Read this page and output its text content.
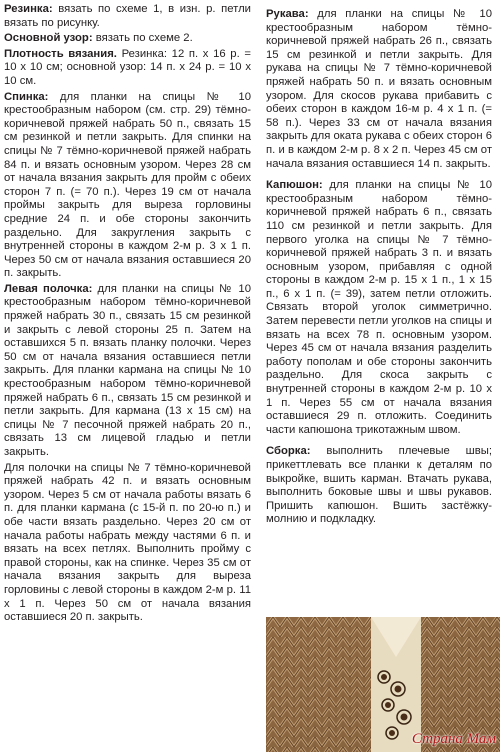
Резинка: вязать по схеме 1, в изн. р. петли вязать по рисунку.

Основной узор: вязать по схеме 2.

Плотность вязания. Резинка: 12 п. х 16 р. = 10 х 10 см; основной узор: 14 п. х 24 р. = 10 х 10 см.

Спинка: для планки на спицы № 10 крестообразным набором (см. стр. 29) тёмно-коричневой пряжей набрать 50 п., связать 15 см резинкой и петли закрыть. Для спинки на спицы № 7 тёмно-коричневой пряжей набрать 84 п. и вязать основным узором. Через 28 см от начала вязания закрыть для пройм с обеих сторон 7 п. (= 70 п.). Через 19 см от начала проймы закрыть для выреза горловины средние 24 п. и обе стороны закончить раздельно. Для закругления закрыть с внутренней стороны в каждом 2-м р. 3 х 1 п. Через 50 см от начала вязания оставшиеся 20 п. закрыть.

Левая полочка: для планки на спицы № 10 крестообразным набором тёмно-коричневой пряжей набрать 30 п., связать 15 см резинкой и закрыть с левой стороны 25 п. Затем на оставшихся 5 п. вязать планку полочки. Через 50 см от начала вязания оставшиеся петли закрыть. Для планки кармана на спицы № 10 крестообразным набором тёмно-коричневой пряжей набрать 6 п., связать 15 см резинкой и петли закрыть. Для кармана (13 х 15 см) на спицы № 7 песочной пряжей набрать 20 п., связать 13 см лицевой гладью и петли закрыть.

Для полочки на спицы № 7 тёмно-коричневой пряжей набрать 42 п. и вязать основным узором. Через 5 см от начала работы вязать 6 п. для планки кармана (с 15-й п. по 20-ю п.) и обе части вязать раздельно. Через 20 см от начала работы набрать между частями 6 п. и вязать на всех петлях. Выполнить пройму с правой стороны, как на спинке. Через 35 см от начала вязания закрыть для выреза горловины с левой стороны в каждом 2-м р. 11 х 1 п. Через 50 см от начала вязания оставшиеся 20 п. закрыть.

Рукава: для планки на спицы № 10 крестообразным набором тёмно-коричневой пряжей набрать 26 п., связать 15 см резинкой и петли закрыть. Для рукава на спицы № 7 тёмно-коричневой пряжей набрать 50 п. и вязать основным узором. Для скосов рукава прибавить с обеих сторон в каждом 16-м р. 4 х 1 п. (= 58 п.). Через 33 см от начала вязания закрыть для оката рукава с обеих сторон 6 п. и в каждом 2-м р. 8 х 2 п. Через 45 см от начала вязания оставшиеся 14 п. закрыть.

Капюшон: для планки на спицы № 10 крестообразным набором тёмно-коричневой пряжей набрать 6 п., связать 110 см резинкой и петли закрыть. Для первого уголка на спицы № 7 тёмно-коричневой пряжей набрать 3 п. и вязать основным узором, прибавляя с одной стороны в каждом 2-м р. 15 х 1 п., 1 х 15 п., 6 х 1 п. (= 39), затем петли отложить. Связать второй уголок симметрично. Затем перевести петли уголков на спицы и вязать на всех 78 п. основным узором. Через 45 см от начала вязания разделить работу пополам и обе стороны закончить раздельно. Для скоса закрыть с внутренней стороны в каждом 2-м р. 10 х 1 п. Через 55 см от начала вязания оставшиеся 29 п. отложить. Соединить части капюшона трикотажным швом.

Сборка: выполнить плечевые швы; прикеттлевать все планки к деталям по выкройке, вшить карман. Втачать рукава, выполнить боковые швы и швы рукавов. Пришить капюшон. Вшить застёжку-молнию и подкладку.

Страна Мам
